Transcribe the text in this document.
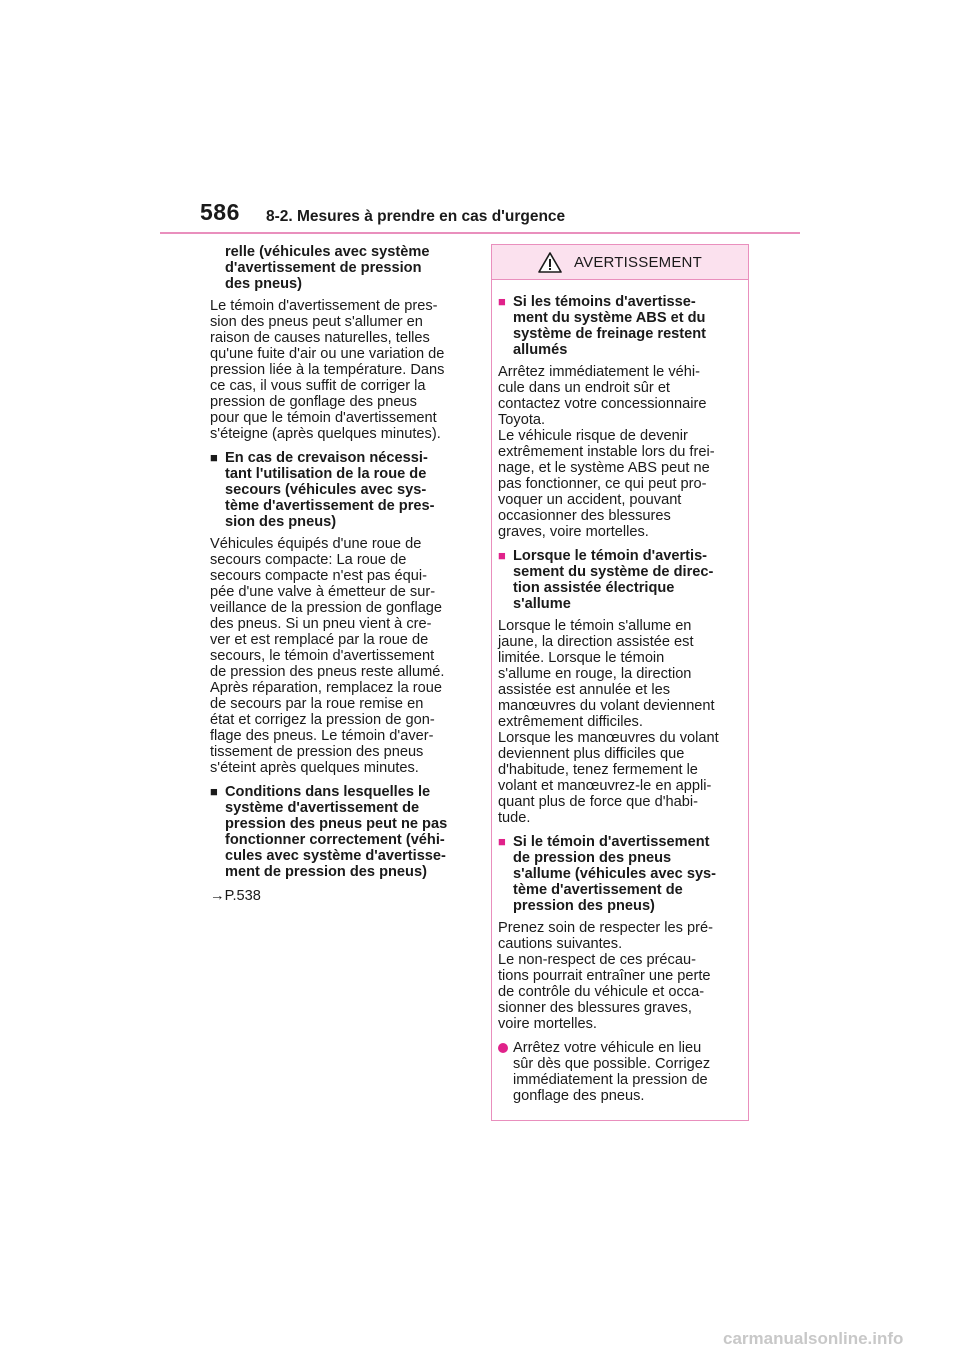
586 8-2. Mesures à prendre en cas d'urgence
relle (véhicules avec système
d'avertissement de pression
des pneus)
Le témoin d'avertissement de pres-
sion des pneus peut s'allumer en
raison de causes naturelles, telles
qu'une fuite d'air ou une variation de
pression liée à la température. Dans
ce cas, il vous suffit de corriger la
pression de gonflage des pneus
pour que le témoin d'avertissement
s'éteigne (après quelques minutes).
■ En cas de crevaison nécessi-
tant l'utilisation de la roue de
secours (véhicules avec sys-
tème d'avertissement de pres-
sion des pneus)
Véhicules équipés d'une roue de
secours compacte: La roue de
secours compacte n'est pas équi-
pée d'une valve à émetteur de sur-
veillance de la pression de gonflage
des pneus. Si un pneu vient à cre-
ver et est remplacé par la roue de
secours, le témoin d'avertissement
de pression des pneus reste allumé.
Après réparation, remplacez la roue
de secours par la roue remise en
état et corrigez la pression de gon-
flage des pneus. Le témoin d'aver-
tissement de pression des pneus
s'éteint après quelques minutes.
■ Conditions dans lesquelles le
système d'avertissement de
pression des pneus peut ne pas
fonctionner correctement (véhi-
cules avec système d'avertisse-
ment de pression des pneus)
→P.538
AVERTISSEMENT
■ Si les témoins d'avertisse-
ment du système ABS et du
système de freinage restent
allumés
Arrêtez immédiatement le véhi-
cule dans un endroit sûr et
contactez votre concessionnaire
Toyota.
Le véhicule risque de devenir
extrêmement instable lors du frei-
nage, et le système ABS peut ne
pas fonctionner, ce qui peut pro-
voquer un accident, pouvant
occasionner des blessures
graves, voire mortelles.
■ Lorsque le témoin d'avertis-
sement du système de direc-
tion assistée électrique
s'allume
Lorsque le témoin s'allume en
jaune, la direction assistée est
limitée. Lorsque le témoin
s'allume en rouge, la direction
assistée est annulée et les
manœuvres du volant deviennent
extrêmement difficiles.
Lorsque les manœuvres du volant
deviennent plus difficiles que
d'habitude, tenez fermement le
volant et manœuvrez-le en appli-
quant plus de force que d'habi-
tude.
■ Si le témoin d'avertissement
de pression des pneus
s'allume (véhicules avec sys-
tème d'avertissement de
pression des pneus)
Prenez soin de respecter les pré-
cautions suivantes.
Le non-respect de ces précau-
tions pourrait entraîner une perte
de contrôle du véhicule et occa-
sionner des blessures graves,
voire mortelles.
Arrêtez votre véhicule en lieu
sûr dès que possible. Corrigez
immédiatement la pression de
gonflage des pneus.
carmanualsonline.info
